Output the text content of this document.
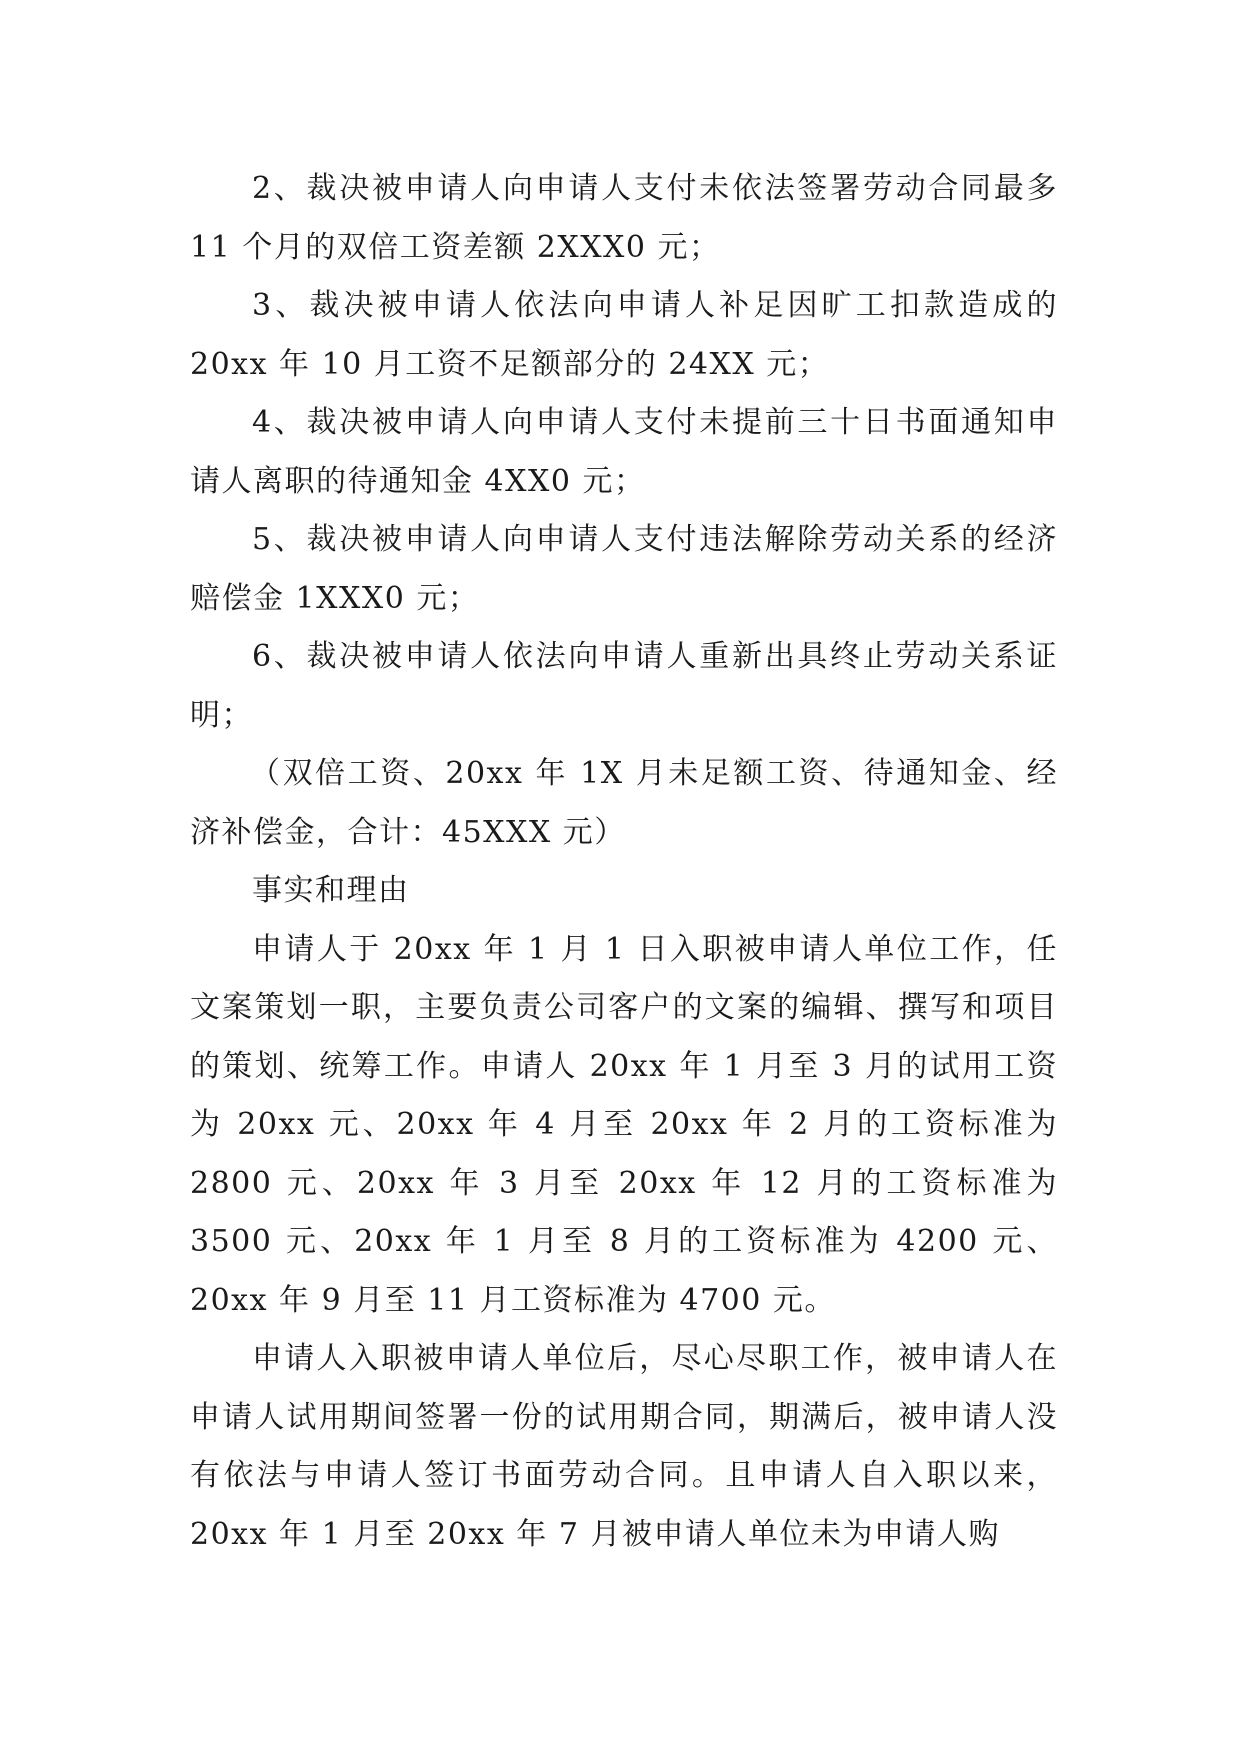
2、裁决被申请人向申请人支付未依法签署劳动合同最多 11 个月的双倍工资差额 2XXX0 元；

3、裁决被申请人依法向申请人补足因旷工扣款造成的 20xx 年 10 月工资不足额部分的 24XX 元；

4、裁决被申请人向申请人支付未提前三十日书面通知申请人离职的待通知金 4XX0 元；

5、裁决被申请人向申请人支付违法解除劳动关系的经济赔偿金 1XXX0 元；

6、裁决被申请人依法向申请人重新出具终止劳动关系证明；

（双倍工资、20xx 年 1X 月未足额工资、待通知金、经济补偿金，合计：45XXX 元）

事实和理由

申请人于 20xx 年 1 月 1 日入职被申请人单位工作，任文案策划一职，主要负责公司客户的文案的编辑、撰写和项目的策划、统筹工作。申请人 20xx 年 1 月至 3 月的试用工资为 20xx 元、20xx 年 4 月至 20xx 年 2 月的工资标准为 2800 元、20xx 年 3 月至 20xx 年 12 月的工资标准为 3500 元、20xx 年 1 月至 8 月的工资标准为 4200 元、20xx 年 9 月至 11 月工资标准为 4700 元。

申请人入职被申请人单位后，尽心尽职工作，被申请人在申请人试用期间签署一份的试用期合同，期满后，被申请人没有依法与申请人签订书面劳动合同。且申请人自入职以来，20xx 年 1 月至 20xx 年 7 月被申请人单位未为申请人购
